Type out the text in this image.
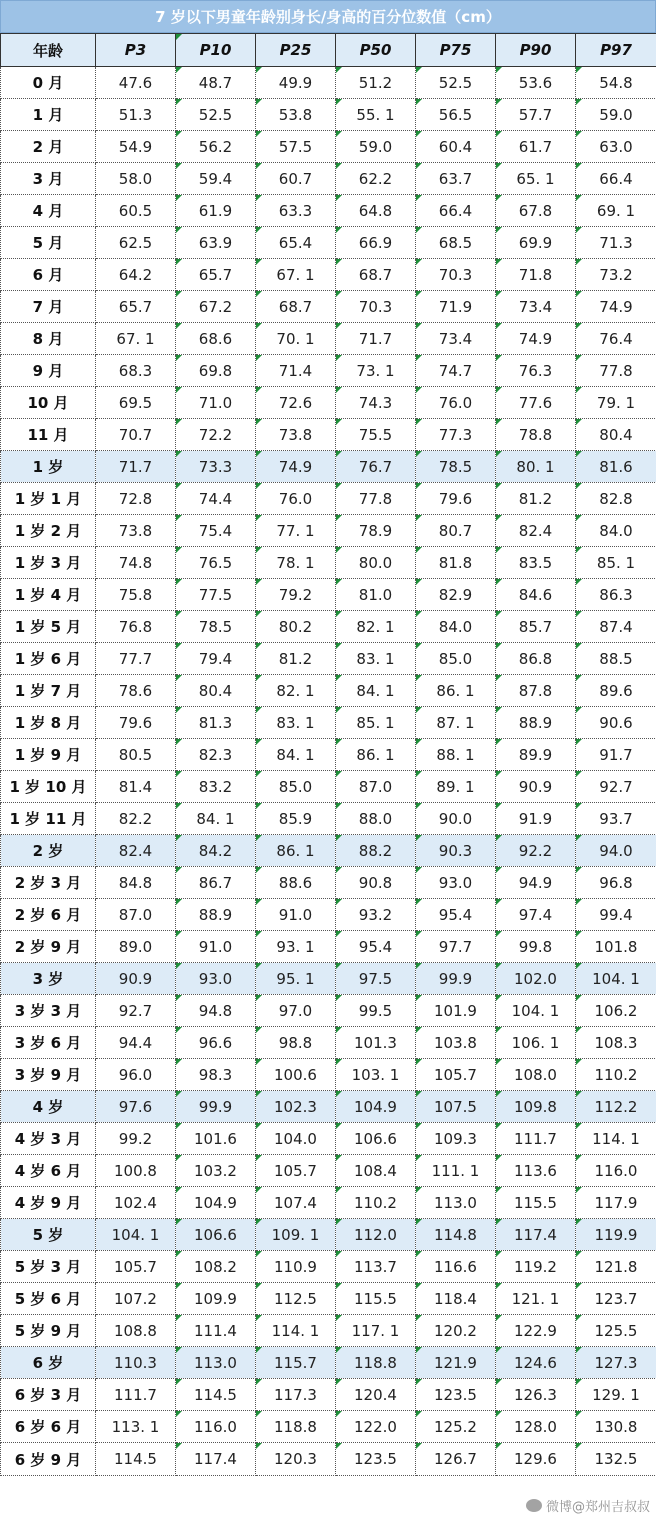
7 岁以下男童年龄别身长/身高的百分位数值（cm）
年龄	P3	P10	P25	P50	P75	P90	P97
0 月	47.6	48.7	49.9	51.2	52.5	53.6	54.8
1 月	51.3	52.5	53.8	55. 1	56.5	57.7	59.0
2 月	54.9	56.2	57.5	59.0	60.4	61.7	63.0
3 月	58.0	59.4	60.7	62.2	63.7	65. 1	66.4
4 月	60.5	61.9	63.3	64.8	66.4	67.8	69. 1
5 月	62.5	63.9	65.4	66.9	68.5	69.9	71.3
6 月	64.2	65.7	67. 1	68.7	70.3	71.8	73.2
7 月	65.7	67.2	68.7	70.3	71.9	73.4	74.9
8 月	67. 1	68.6	70. 1	71.7	73.4	74.9	76.4
9 月	68.3	69.8	71.4	73. 1	74.7	76.3	77.8
10 月	69.5	71.0	72.6	74.3	76.0	77.6	79. 1
11 月	70.7	72.2	73.8	75.5	77.3	78.8	80.4
1 岁	71.7	73.3	74.9	76.7	78.5	80. 1	81.6
1 岁 1 月	72.8	74.4	76.0	77.8	79.6	81.2	82.8
1 岁 2 月	73.8	75.4	77. 1	78.9	80.7	82.4	84.0
1 岁 3 月	74.8	76.5	78. 1	80.0	81.8	83.5	85. 1
1 岁 4 月	75.8	77.5	79.2	81.0	82.9	84.6	86.3
1 岁 5 月	76.8	78.5	80.2	82. 1	84.0	85.7	87.4
1 岁 6 月	77.7	79.4	81.2	83. 1	85.0	86.8	88.5
1 岁 7 月	78.6	80.4	82. 1	84. 1	86. 1	87.8	89.6
1 岁 8 月	79.6	81.3	83. 1	85. 1	87. 1	88.9	90.6
1 岁 9 月	80.5	82.3	84. 1	86. 1	88. 1	89.9	91.7
1 岁 10 月	81.4	83.2	85.0	87.0	89. 1	90.9	92.7
1 岁 11 月	82.2	84. 1	85.9	88.0	90.0	91.9	93.7
2 岁	82.4	84.2	86. 1	88.2	90.3	92.2	94.0
2 岁 3 月	84.8	86.7	88.6	90.8	93.0	94.9	96.8
2 岁 6 月	87.0	88.9	91.0	93.2	95.4	97.4	99.4
2 岁 9 月	89.0	91.0	93. 1	95.4	97.7	99.8	101.8
3 岁	90.9	93.0	95. 1	97.5	99.9	102.0	104. 1
3 岁 3 月	92.7	94.8	97.0	99.5	101.9	104. 1	106.2
3 岁 6 月	94.4	96.6	98.8	101.3	103.8	106. 1	108.3
3 岁 9 月	96.0	98.3	100.6	103. 1	105.7	108.0	110.2
4 岁	97.6	99.9	102.3	104.9	107.5	109.8	112.2
4 岁 3 月	99.2	101.6	104.0	106.6	109.3	111.7	114. 1
4 岁 6 月	100.8	103.2	105.7	108.4	111. 1	113.6	116.0
4 岁 9 月	102.4	104.9	107.4	110.2	113.0	115.5	117.9
5 岁	104. 1	106.6	109. 1	112.0	114.8	117.4	119.9
5 岁 3 月	105.7	108.2	110.9	113.7	116.6	119.2	121.8
5 岁 6 月	107.2	109.9	112.5	115.5	118.4	121. 1	123.7
5 岁 9 月	108.8	111.4	114. 1	117. 1	120.2	122.9	125.5
6 岁	110.3	113.0	115.7	118.8	121.9	124.6	127.3
6 岁 3 月	111.7	114.5	117.3	120.4	123.5	126.3	129. 1
6 岁 6 月	113. 1	116.0	118.8	122.0	125.2	128.0	130.8
6 岁 9 月	114.5	117.4	120.3	123.5	126.7	129.6	132.5
微博@郑州吉叔叔
